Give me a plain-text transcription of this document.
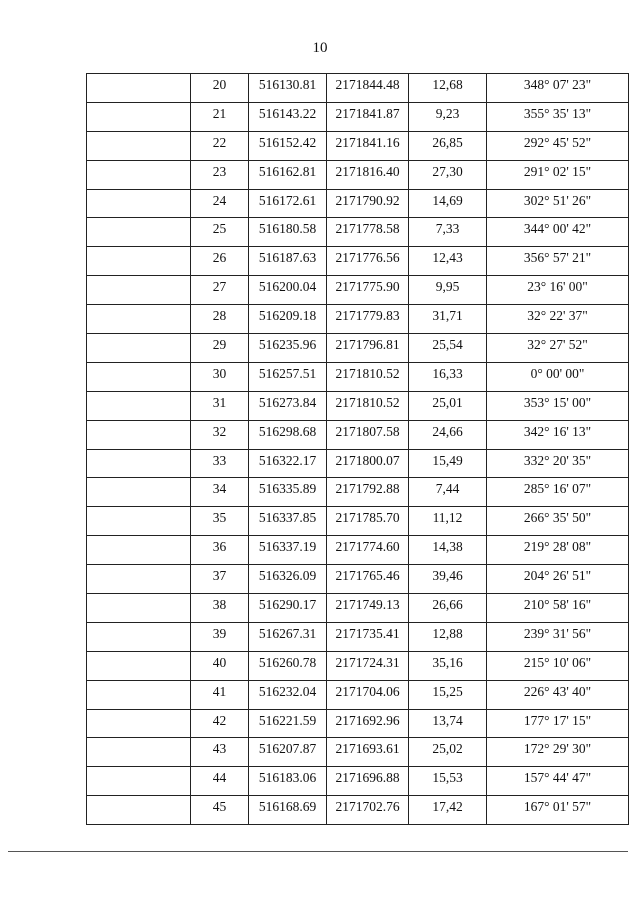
10
	20	516130.81	2171844.48	12,68	348° 07' 23"
	21	516143.22	2171841.87	9,23	355° 35' 13"
	22	516152.42	2171841.16	26,85	292° 45' 52"
	23	516162.81	2171816.40	27,30	291° 02' 15"
	24	516172.61	2171790.92	14,69	302° 51' 26"
	25	516180.58	2171778.58	7,33	344° 00' 42"
	26	516187.63	2171776.56	12,43	356° 57' 21"
	27	516200.04	2171775.90	9,95	23° 16' 00"
	28	516209.18	2171779.83	31,71	32° 22' 37"
	29	516235.96	2171796.81	25,54	32° 27' 52"
	30	516257.51	2171810.52	16,33	0° 00' 00"
	31	516273.84	2171810.52	25,01	353° 15' 00"
	32	516298.68	2171807.58	24,66	342° 16' 13"
	33	516322.17	2171800.07	15,49	332° 20' 35"
	34	516335.89	2171792.88	7,44	285° 16' 07"
	35	516337.85	2171785.70	11,12	266° 35' 50"
	36	516337.19	2171774.60	14,38	219° 28' 08"
	37	516326.09	2171765.46	39,46	204° 26' 51"
	38	516290.17	2171749.13	26,66	210° 58' 16"
	39	516267.31	2171735.41	12,88	239° 31' 56"
	40	516260.78	2171724.31	35,16	215° 10' 06"
	41	516232.04	2171704.06	15,25	226° 43' 40"
	42	516221.59	2171692.96	13,74	177° 17' 15"
	43	516207.87	2171693.61	25,02	172° 29' 30"
	44	516183.06	2171696.88	15,53	157° 44' 47"
	45	516168.69	2171702.76	17,42	167° 01' 57"
